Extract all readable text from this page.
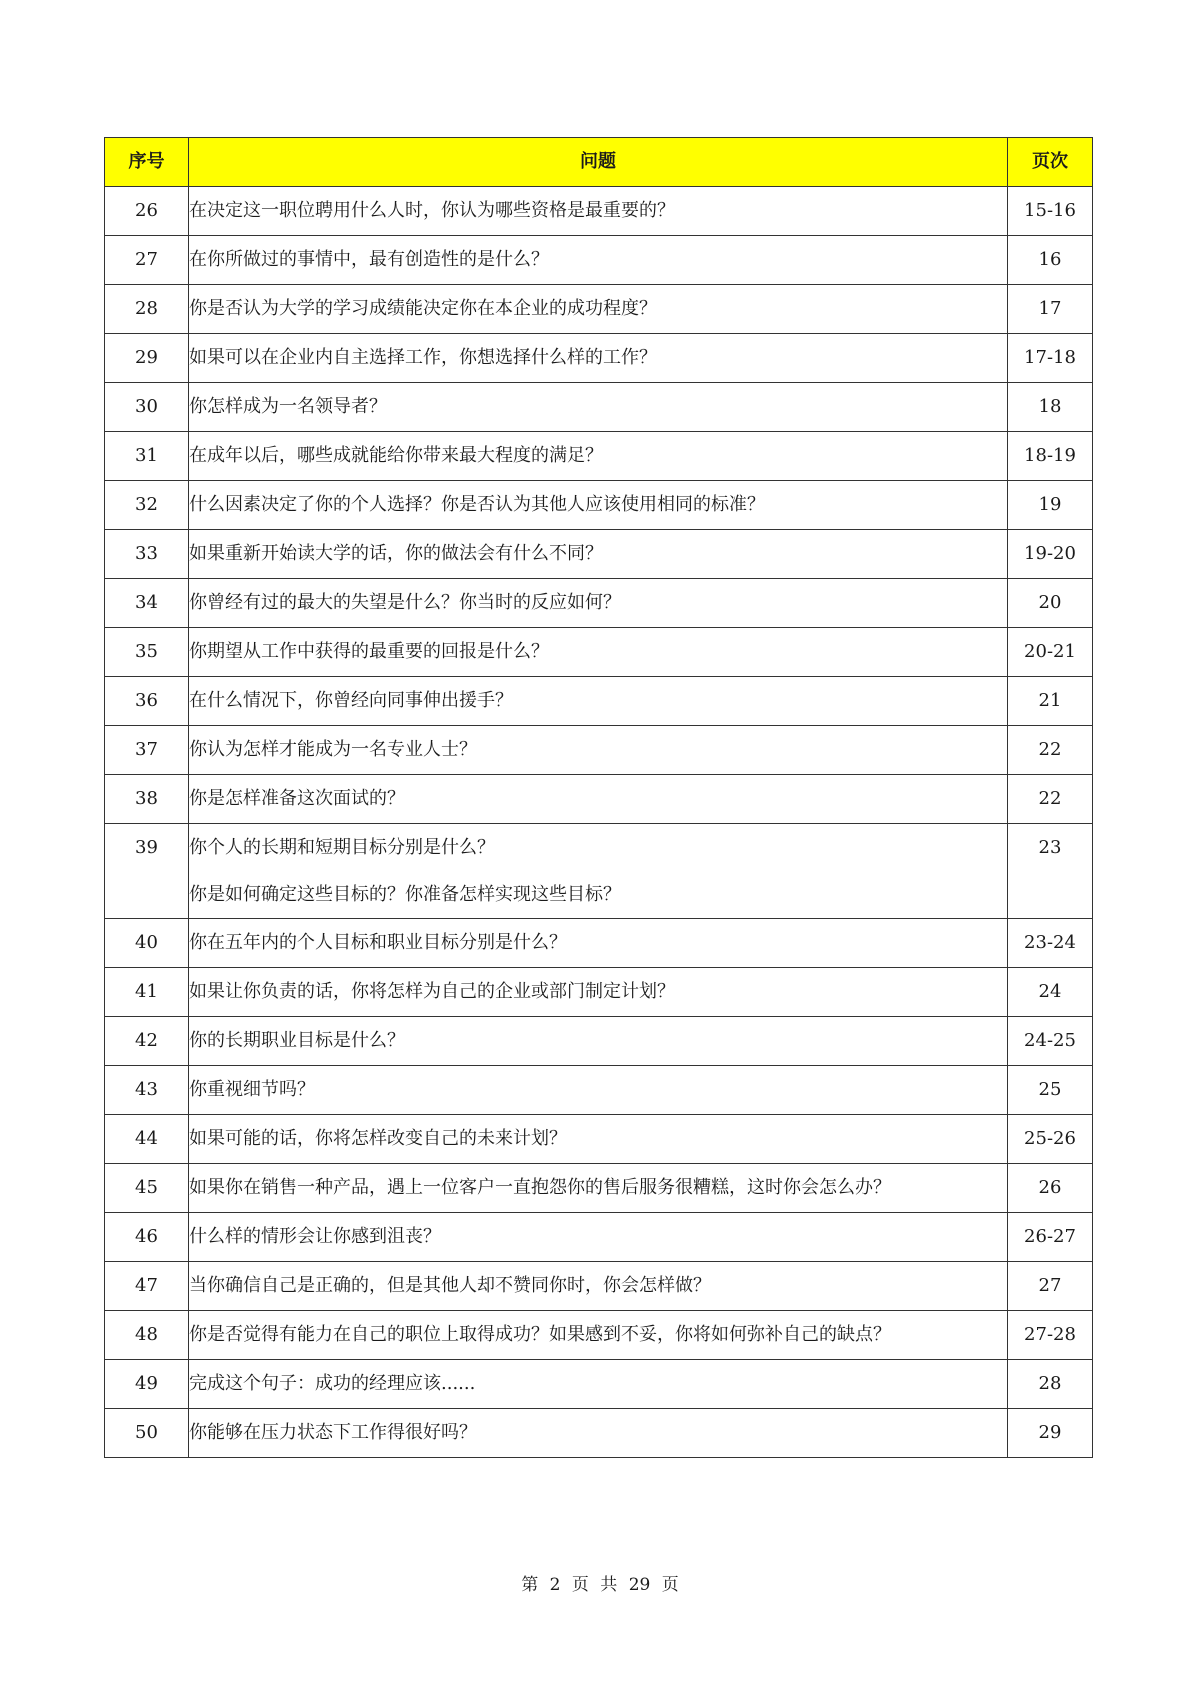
序号	问题	页次
26	在决定这一职位聘用什么人时，你认为哪些资格是最重要的？	15-16
27	在你所做过的事情中，最有创造性的是什么？	16
28	你是否认为大学的学习成绩能决定你在本企业的成功程度？	17
29	如果可以在企业内自主选择工作，你想选择什么样的工作？	17-18
30	你怎样成为一名领导者？	18
31	在成年以后，哪些成就能给你带来最大程度的满足？	18-19
32	什么因素决定了你的个人选择？你是否认为其他人应该使用相同的标准？	19
33	如果重新开始读大学的话，你的做法会有什么不同？	19-20
34	你曾经有过的最大的失望是什么？你当时的反应如何？	20
35	你期望从工作中获得的最重要的回报是什么？	20-21
36	在什么情况下，你曾经向同事伸出援手？	21
37	你认为怎样才能成为一名专业人士？	22
38	你是怎样准备这次面试的？	22
39	你个人的长期和短期目标分别是什么？
你是如何确定这些目标的？你准备怎样实现这些目标？	23
40	你在五年内的个人目标和职业目标分别是什么？	23-24
41	如果让你负责的话，你将怎样为自己的企业或部门制定计划？	24
42	你的长期职业目标是什么？	24-25
43	你重视细节吗？	25
44	如果可能的话，你将怎样改变自己的未来计划？	25-26
45	如果你在销售一种产品，遇上一位客户一直抱怨你的售后服务很糟糕，这时你会怎么办？	26
46	什么样的情形会让你感到沮丧？	26-27
47	当你确信自己是正确的，但是其他人却不赞同你时，你会怎样做？	27
48	你是否觉得有能力在自己的职位上取得成功？如果感到不妥，你将如何弥补自己的缺点？	27-28
49	完成这个句子：成功的经理应该......	28
50	你能够在压力状态下工作得很好吗？	29
第 2 页 共 29 页
